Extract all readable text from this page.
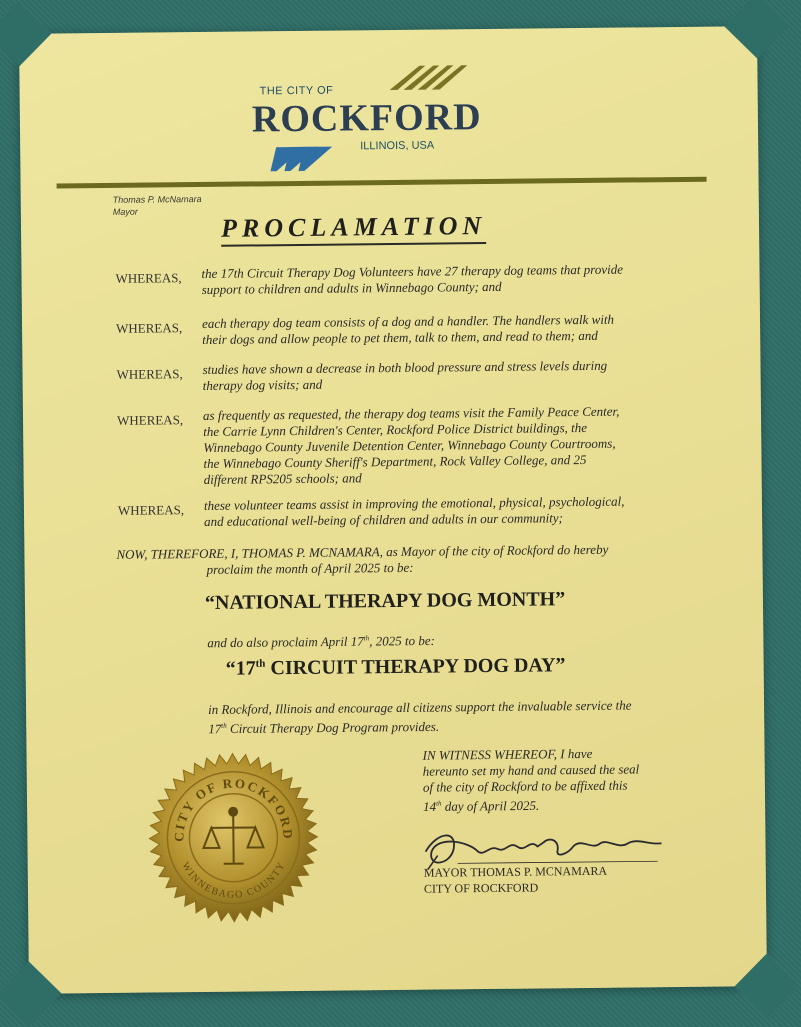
THE CITY OF
ROCKFORD
ILLINOIS, USA
Thomas P. McNamara
Mayor	PROCLAMATION
WHEREAS, the 17th Circuit Therapy Dog Volunteers have 27 therapy dog teams that provide
support to children and adults in Winnebago County; and
WHEREAS, each therapy dog team consists of a dog and a handler. The handlers walk with
their dogs and allow people to pet them, talk to them, and read to them; and
WHEREAS, studies have shown a decrease in both blood pressure and stress levels during
therapy dog visits; and
WHEREAS, as frequently as requested, the therapy dog teams visit the Family Peace Center,
the Carrie Lynn Children's Center, Rockford Police District buildings, the
Winnebago County Juvenile Detention Center, Winnebago County Courtrooms,
the Winnebago County Sheriff's Department, Rock Valley College, and 25
different RPS205 schools; and
WHEREAS, these volunteer teams assist in improving the emotional, physical, psychological,
and educational well-being of children and adults in our community;
NOW, THEREFORE, I, THOMAS P. MCNAMARA, as Mayor of the city of Rockford do hereby
proclaim the month of April 2025 to be:
“NATIONAL THERAPY DOG MONTH”
and do also proclaim April 17th, 2025 to be:
“17th CIRCUIT THERAPY DOG DAY”
in Rockford, Illinois and encourage all citizens support the invaluable service the
17th Circuit Therapy Dog Program provides.
IN WITNESS WHEREOF, I have
hereunto set my hand and caused the seal
of the city of Rockford to be affixed this
14th day of April 2025.
MAYOR THOMAS P. MCNAMARA
CITY OF ROCKFORD
CITY OF ROCKFORD
WINNEBAGO COUNTY
